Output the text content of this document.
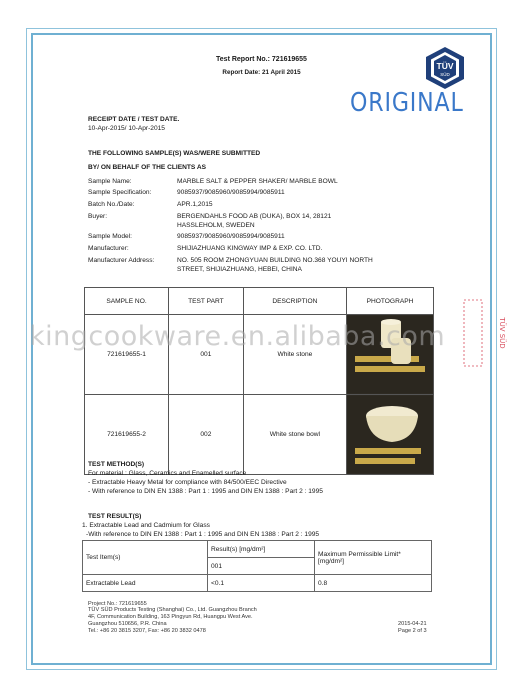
Test Report No.: 721619655
Report Date: 21 April 2015
TÜV
SÜD
ORIGINAL
RECEIPT DATE / TEST DATE.
10-Apr-2015/ 10-Apr-2015
THE FOLLOWING SAMPLE(S) WAS/WERE SUBMITTED
BY/ ON BEHALF OF THE CLIENTS AS
Sample Name:	MARBLE SALT & PEPPER SHAKER/ MARBLE BOWL
Sample Specification:	9085937/9085960/9085994/9085911
Batch No./Date:	APR.1,2015
Buyer:	BERGENDAHLS FOOD AB (DUKA), BOX 14, 28121
HASSLEHOLM, SWEDEN
Sample Model:	9085937/9085960/9085994/9085911
Manufacturer:	SHIJIAZHUANG KINGWAY IMP & EXP. CO. LTD.
Manufacturer Address:	NO. 505 ROOM ZHONGYUAN BUILDING NO.368 YOUYI NORTH
STREET, SHIJIAZHUANG, HEBEI, CHINA
SAMPLE NO.	TEST PART	DESCRIPTION	PHOTOGRAPH
721619655-1	001	White stone	

721619655-2	002	White stone bowl	
TEST METHOD(S)
For material : Glass, Ceramics and Enamelled surface
- Extractable Heavy Metal for compliance with 84/500/EEC Directive
- With reference to DIN EN 1388 : Part 1 : 1995 and DIN EN 1388 : Part 2 : 1995
TEST RESULT(S)
1. Extractable Lead and Cadmium for Glass
-With reference to DIN EN 1388 : Part 1 : 1995 and DIN EN 1388 : Part 2 : 1995
Test Item(s)	Result(s) [mg/dm²]	Maximum Permissible Limit*
[mg/dm²]

	001	
Extractable Lead	<0.1	0.8
Project No.: 721619655
TÜV SÜD Products Testing (Shanghai) Co., Ltd. Guangzhou Branch
4F, Communication Building, 163 Pingyun Rd, Huangpu West Ave.
Guangzhou 510656, P.R. China
Tel.: +86 20 3815 3207, Fax: +86 20 3832 0478
2015-04-21
Page 2 of 3
TÜV SÜD
kingcookware.en.alibaba.com
